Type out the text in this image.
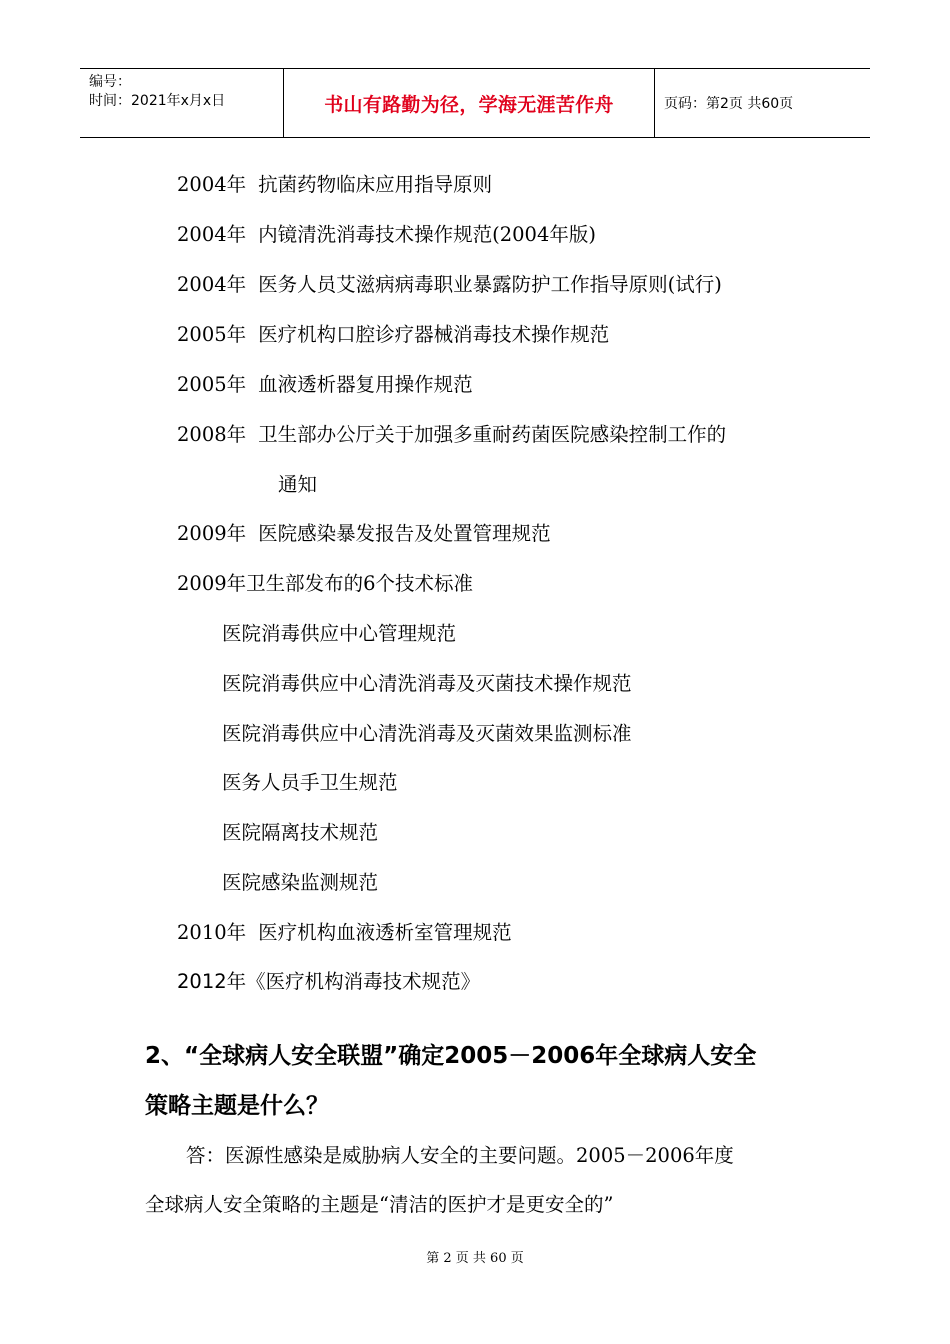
编号：
时间：2021年x月x日	书山有路勤为径，学海无涯苦作舟	页码：第2页 共60页
2004年 抗菌药物临床应用指导原则
2004年 内镜清洗消毒技术操作规范(2004年版)
2004年 医务人员艾滋病病毒职业暴露防护工作指导原则(试行)
2005年 医疗机构口腔诊疗器械消毒技术操作规范
2005年 血液透析器复用操作规范
2008年 卫生部办公厅关于加强多重耐药菌医院感染控制工作的
通知
2009年 医院感染暴发报告及处置管理规范
2009年卫生部发布的6个技术标准
医院消毒供应中心管理规范
医院消毒供应中心清洗消毒及灭菌技术操作规范
医院消毒供应中心清洗消毒及灭菌效果监测标准
医务人员手卫生规范
医院隔离技术规范
医院感染监测规范
2010年 医疗机构血液透析室管理规范
2012年《医疗机构消毒技术规范》
2、“全球病人安全联盟”确定2005－2006年全球病人安全
策略主题是什么？
答：医源性感染是威胁病人安全的主要问题。2005－2006年度
全球病人安全策略的主题是“清洁的医护才是更安全的”
第 2 页 共 60 页
